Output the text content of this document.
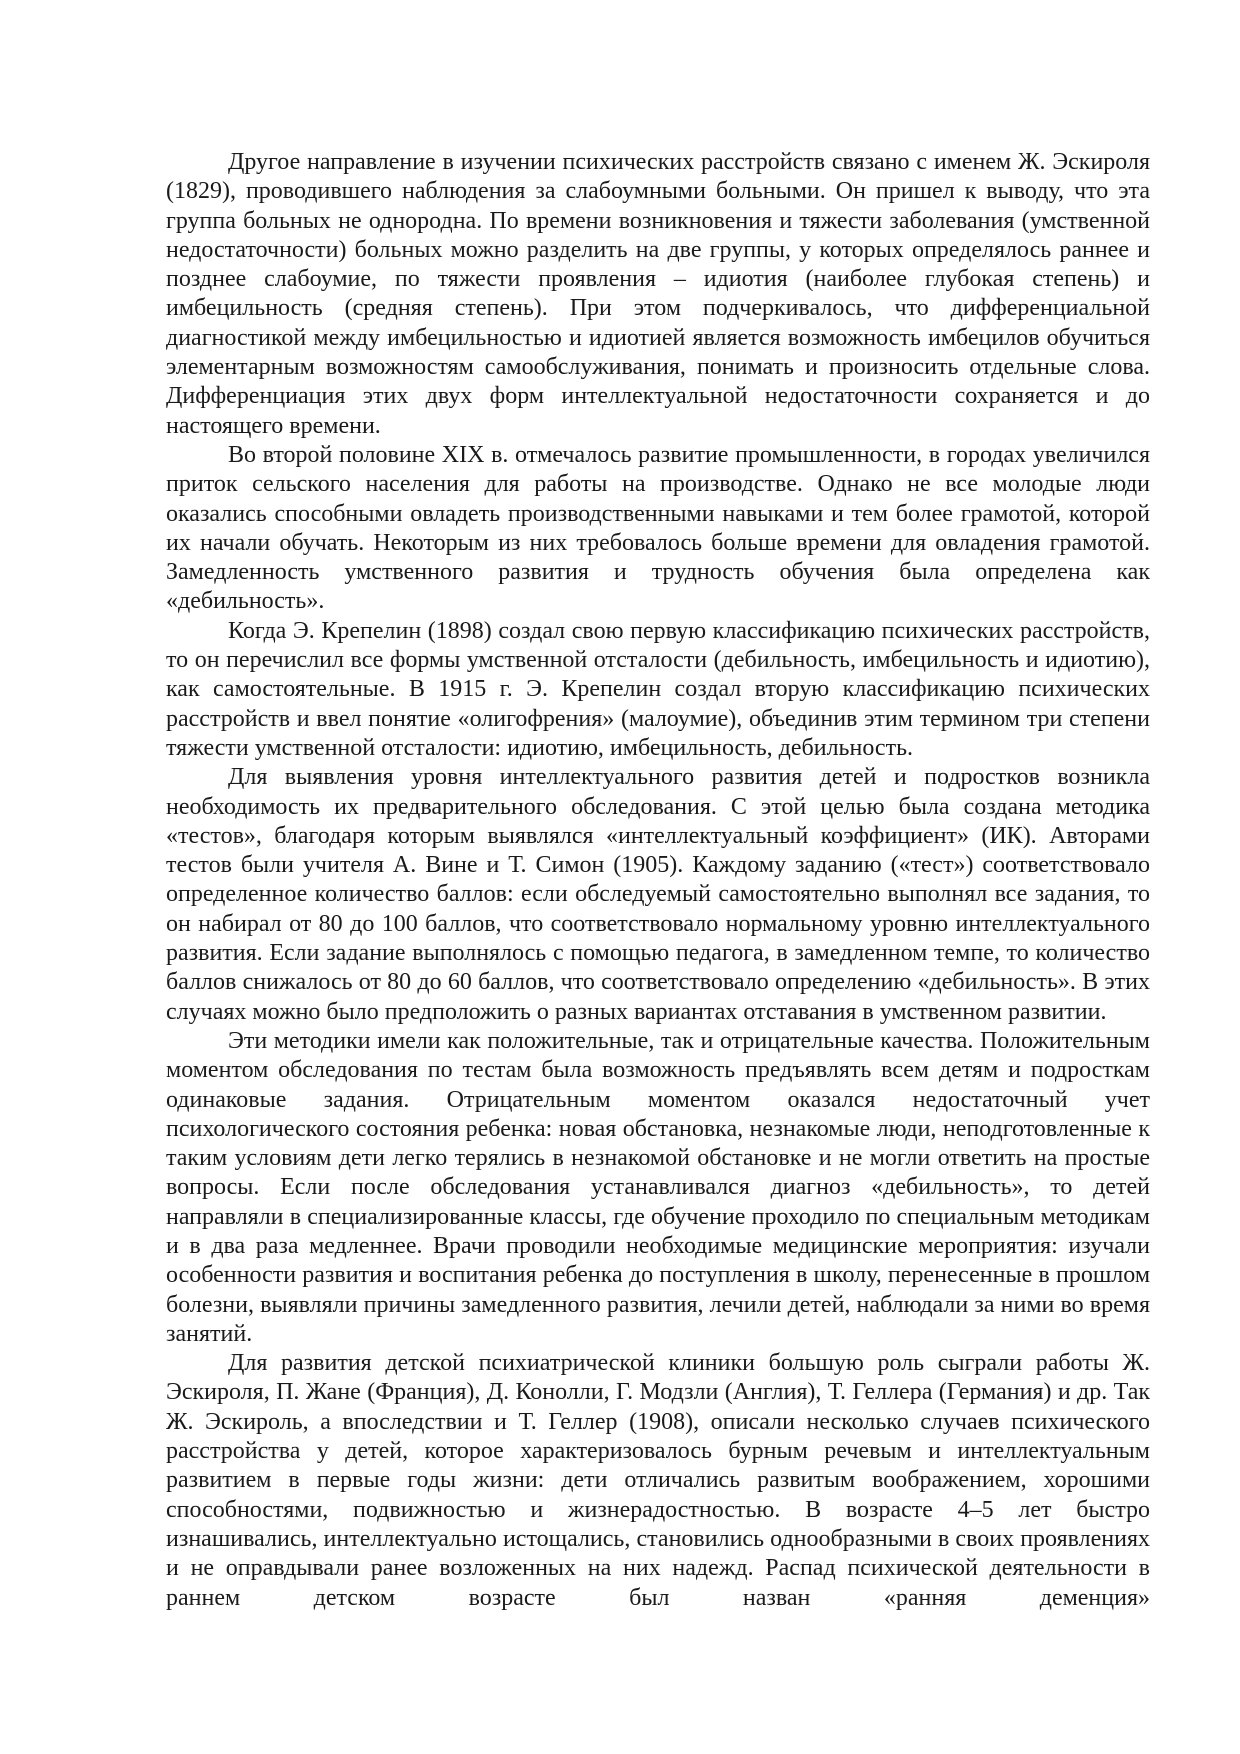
Другое направление в изучении психических расстройств связано с именем Ж. Эскироля (1829), проводившего наблюдения за слабоумными больными. Он пришел к выводу, что эта группа больных не однородна. По времени возникновения и тяжести заболевания (умственной недостаточности) больных можно разделить на две группы, у которых определялось раннее и позднее слабоумие, по тяжести проявления – идиотия (наиболее глубокая степень) и имбецильность (средняя степень). При этом подчеркивалось, что дифференциальной диагностикой между имбецильностью и идиотией является возможность имбецилов обучиться элементарным возможностям самообслуживания, понимать и произносить отдельные слова. Дифференциация этих двух форм интеллектуальной недостаточности сохраняется и до настоящего времени.

Во второй половине XIX в. отмечалось развитие промышленности, в городах увеличился приток сельского населения для работы на производстве. Однако не все молодые люди оказались способными овладеть производственными навыками и тем более грамотой, которой их начали обучать. Некоторым из них требовалось больше времени для овладения грамотой. Замедленность умственного развития и трудность обучения была определена как «дебильность».

Когда Э. Крепелин (1898) создал свою первую классификацию психических расстройств, то он перечислил все формы умственной отсталости (дебильность, имбецильность и идиотию), как самостоятельные. В 1915 г. Э. Крепелин создал вторую классификацию психических расстройств и ввел понятие «олигофрения» (малоумие), объединив этим термином три степени тяжести умственной отсталости: идиотию, имбецильность, дебильность.

Для выявления уровня интеллектуального развития детей и подростков возникла необходимость их предварительного обследования. С этой целью была создана методика «тестов», благодаря которым выявлялся «интеллектуальный коэффициент» (ИК). Авторами тестов были учителя А. Вине и Т. Симон (1905). Каждому заданию («тест») соответствовало определенное количество баллов: если обследуемый самостоятельно выполнял все задания, то он набирал от 80 до 100 баллов, что соответствовало нормальному уровню интеллектуального развития. Если задание выполнялось с помощью педагога, в замедленном темпе, то количество баллов снижалось от 80 до 60 баллов, что соответствовало определению «дебильность». В этих случаях можно было предположить о разных вариантах отставания в умственном развитии.

Эти методики имели как положительные, так и отрицательные качества. Положительным моментом обследования по тестам была возможность предъявлять всем детям и подросткам одинаковые задания. Отрицательным моментом оказался недостаточный учет психологического состояния ребенка: новая обстановка, незнакомые люди, неподготовленные к таким условиям дети легко терялись в незнакомой обстановке и не могли ответить на простые вопросы. Если после обследования устанавливался диагноз «дебильность», то детей направляли в специализированные классы, где обучение проходило по специальным методикам и в два раза медленнее. Врачи проводили необходимые медицинские мероприятия: изучали особенности развития и воспитания ребенка до поступления в школу, перенесенные в прошлом болезни, выявляли причины замедленного развития, лечили детей, наблюдали за ними во время занятий.

Для развития детской психиатрической клиники большую роль сыграли работы Ж. Эскироля, П. Жане (Франция), Д. Конолли, Г. Модзли (Англия), Т. Геллера (Германия) и др. Так Ж. Эскироль, а впоследствии и Т. Геллер (1908), описали несколько случаев психического расстройства у детей, которое характеризовалось бурным речевым и интеллектуальным развитием в первые годы жизни: дети отличались развитым воображением, хорошими способностями, подвижностью и жизнерадостностью. В возрасте 4–5 лет быстро изнашивались, интеллектуально истощались, становились однообразными в своих проявлениях и не оправдывали ранее возложенных на них надежд. Распад психической деятельности в раннем детском возрасте был назван «ранняя деменция»
